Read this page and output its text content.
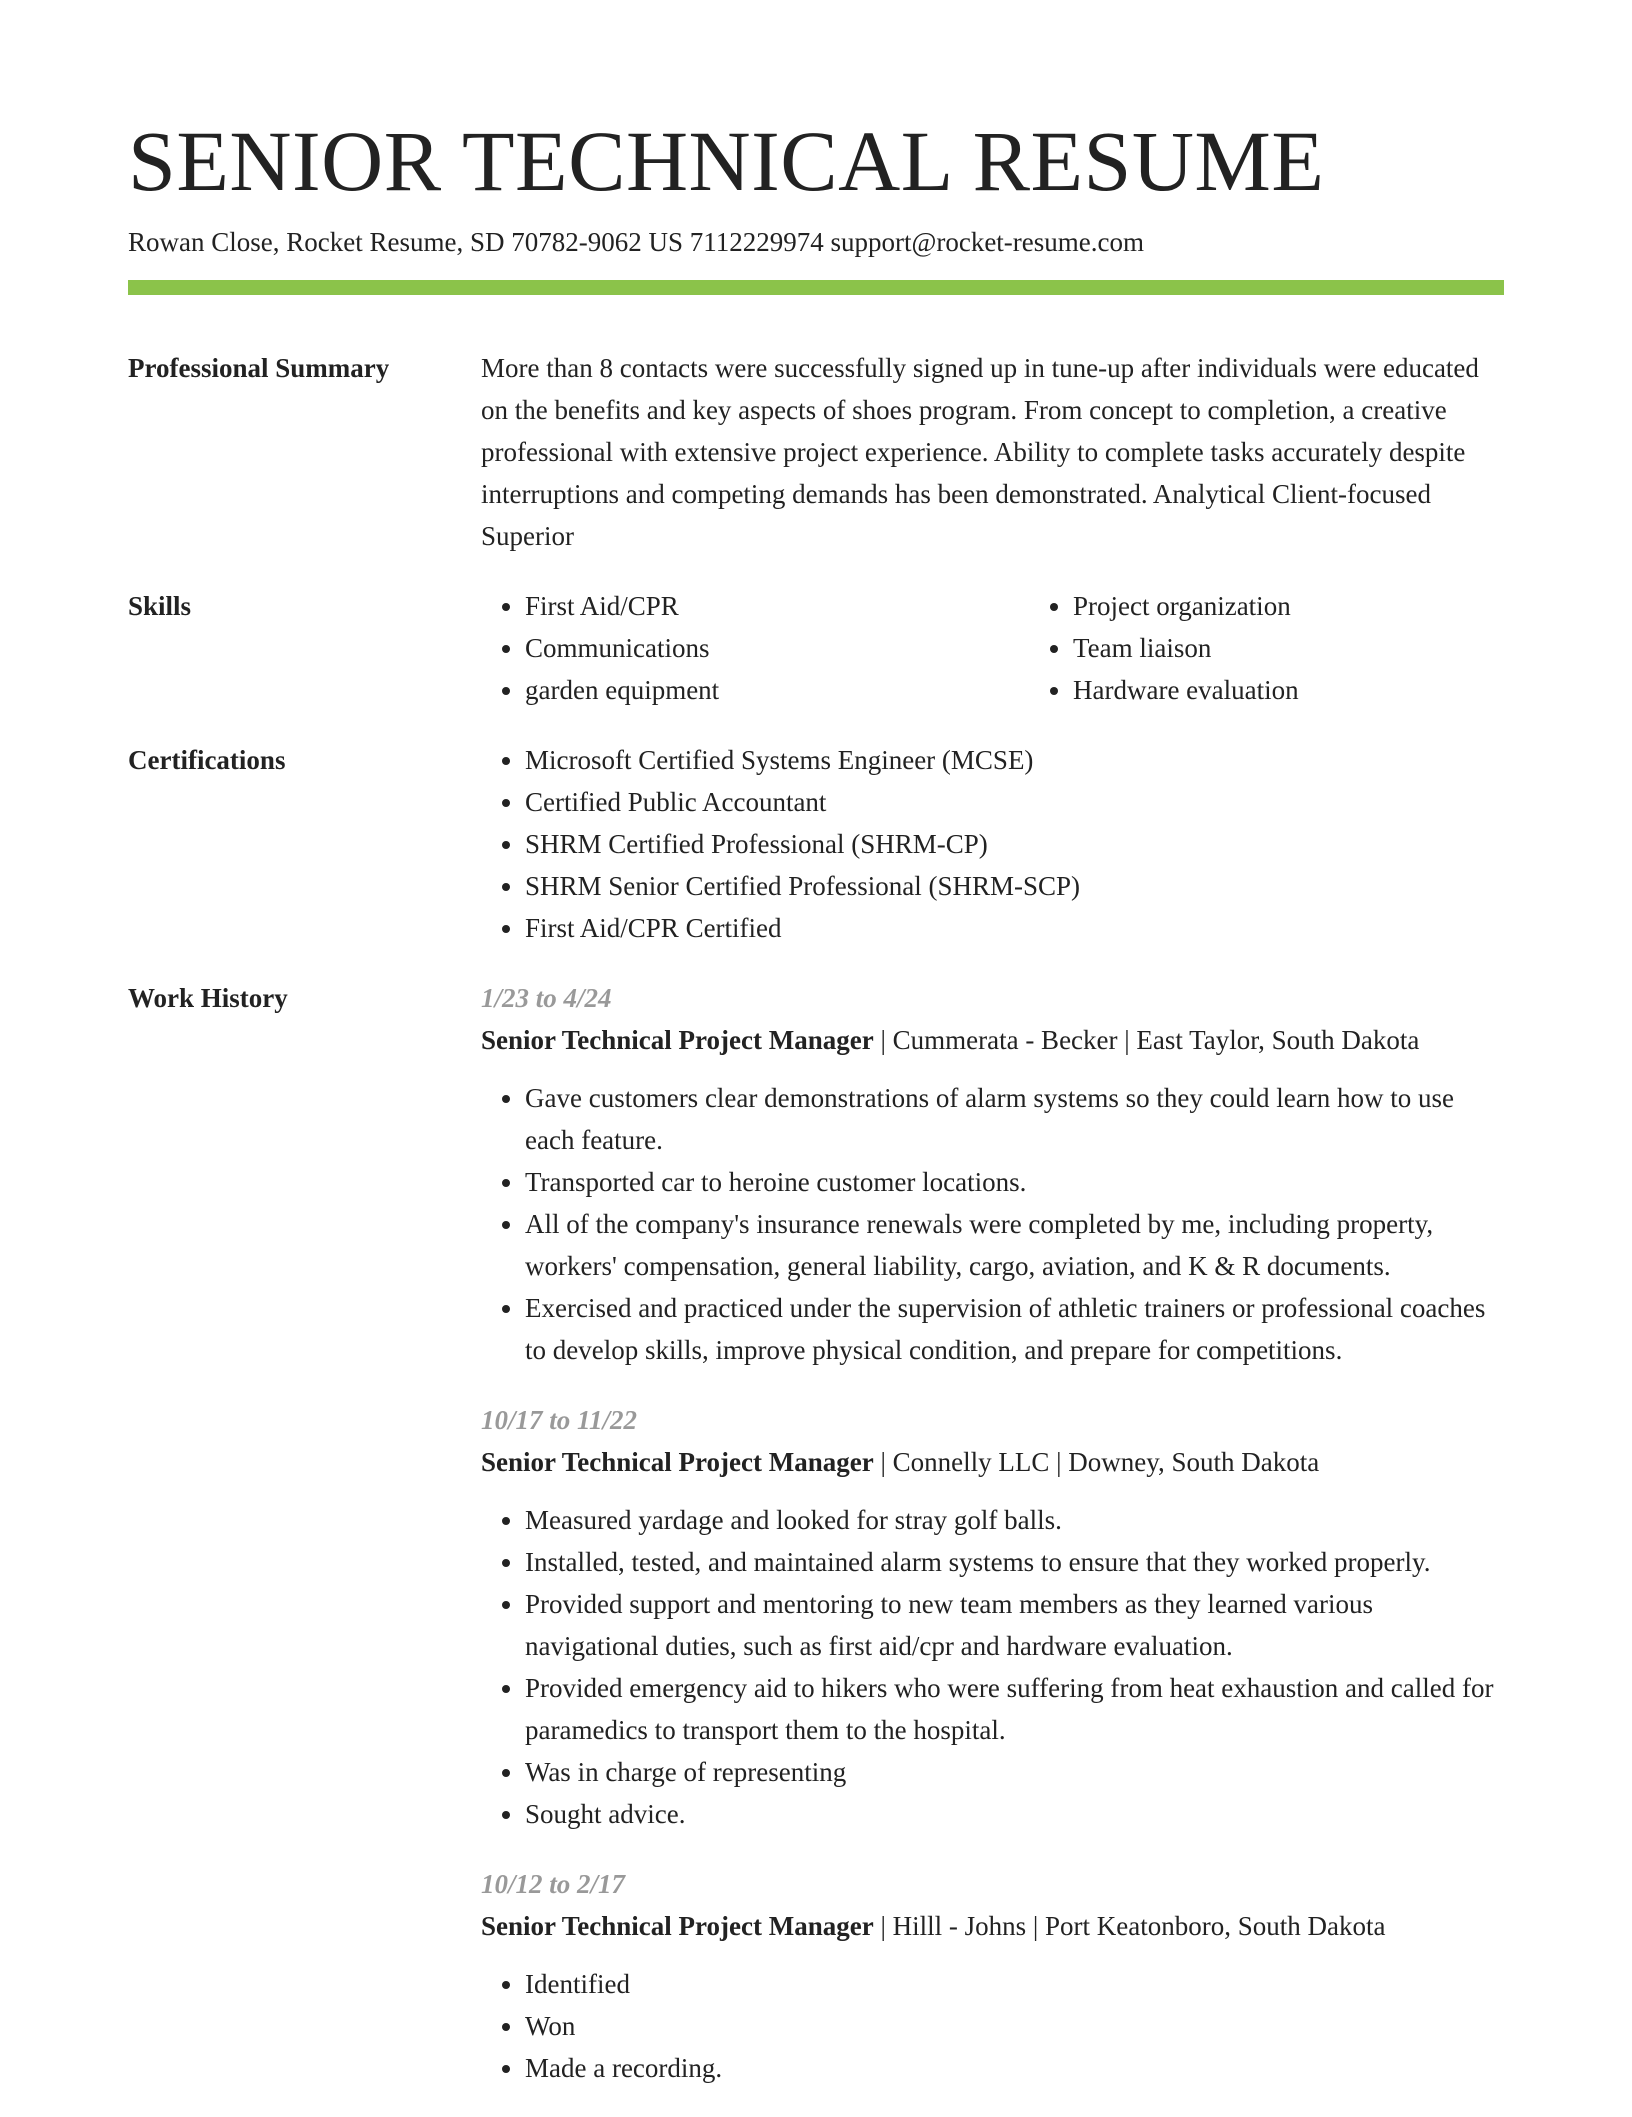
SENIOR TECHNICAL RESUME
Rowan Close, Rocket Resume, SD 70782-9062 US 7112229974 support@rocket-resume.com
Professional Summary	More than 8 contacts were successfully signed up in tune-up after individuals were educated on the benefits and key aspects of shoes program. From concept to completion, a creative professional with extensive project experience. Ability to complete tasks accurately despite interruptions and competing demands has been demonstrated. Analytical Client-focused Superior

Skills	• First Aid/CPR
• Communications
• garden equipment
• Project organization
• Team liaison
• Hardware evaluation
Certifications	• Microsoft Certified Systems Engineer (MCSE)
• Certified Public Accountant
• SHRM Certified Professional (SHRM-CP)
• SHRM Senior Certified Professional (SHRM-SCP)
• First Aid/CPR Certified
Work History	1/23 to 4/24
Senior Technical Project Manager | Cummerata - Becker | East Taylor, South Dakota
• Gave customers clear demonstrations of alarm systems so they could learn how to use each feature.
• Transported car to heroine customer locations.
• All of the company's insurance renewals were completed by me, including property, workers' compensation, general liability, cargo, aviation, and K & R documents.
• Exercised and practiced under the supervision of athletic trainers or professional coaches to develop skills, improve physical condition, and prepare for competitions.
10/17 to 11/22
Senior Technical Project Manager | Connelly LLC | Downey, South Dakota
• Measured yardage and looked for stray golf balls.
• Installed, tested, and maintained alarm systems to ensure that they worked properly.
• Provided support and mentoring to new team members as they learned various navigational duties, such as first aid/cpr and hardware evaluation.
• Provided emergency aid to hikers who were suffering from heat exhaustion and called for paramedics to transport them to the hospital.
• Was in charge of representing
• Sought advice.
10/12 to 2/17
Senior Technical Project Manager | Hilll - Johns | Port Keatonboro, South Dakota
• Identified
• Won
• Made a recording.
